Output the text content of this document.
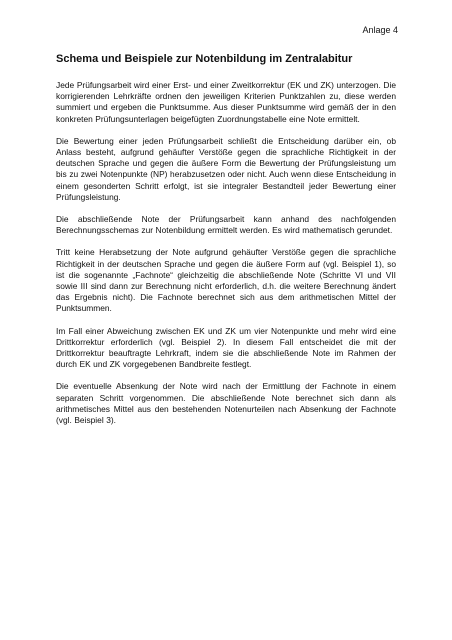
Anlage 4
Schema und Beispiele zur Notenbildung im Zentralabitur

Jede Prüfungsarbeit wird einer Erst- und einer Zweitkorrektur (EK und ZK) unterzogen. Die korrigierenden Lehrkräfte ordnen den jeweiligen Kriterien Punktzahlen zu, diese werden summiert und ergeben die Punktsumme. Aus dieser Punktsumme wird gemäß der in den konkreten Prüfungsunterlagen beigefügten Zuordnungstabelle eine Note ermittelt.

Die Bewertung einer jeden Prüfungsarbeit schließt die Entscheidung darüber ein, ob Anlass besteht, aufgrund gehäufter Verstöße gegen die sprachliche Richtigkeit in der deutschen Sprache und gegen die äußere Form die Bewertung der Prüfungsleistung um bis zu zwei Notenpunkte (NP) herabzusetzen oder nicht. Auch wenn diese Entscheidung in einem gesonderten Schritt erfolgt, ist sie integraler Bestandteil jeder Bewertung einer Prüfungsleistung.

Die abschließende Note der Prüfungsarbeit kann anhand des nachfolgenden Berechnungsschemas zur Notenbildung ermittelt werden. Es wird mathematisch gerundet.

Tritt keine Herabsetzung der Note aufgrund gehäufter Verstöße gegen die sprachliche Richtigkeit in der deutschen Sprache und gegen die äußere Form auf (vgl. Beispiel 1), so ist die sogenannte „Fachnote“ gleichzeitig die abschließende Note (Schritte VI und VII sowie III sind dann zur Berechnung nicht erforderlich, d.h. die weitere Berechnung ändert das Ergebnis nicht). Die Fachnote berechnet sich aus dem arithmetischen Mittel der Punktsummen.

Im Fall einer Abweichung zwischen EK und ZK um vier Notenpunkte und mehr wird eine Drittkorrektur erforderlich (vgl. Beispiel 2). In diesem Fall entscheidet die mit der Drittkorrektur beauftragte Lehrkraft, indem sie die abschließende Note im Rahmen der durch EK und ZK vorgegebenen Bandbreite festlegt.

Die eventuelle Absenkung der Note wird nach der Ermittlung der Fachnote in einem separaten Schritt vorgenommen. Die abschließende Note berechnet sich dann als arithmetisches Mittel aus den bestehenden Notenurteilen nach Absenkung der Fachnote (vgl. Beispiel 3).
